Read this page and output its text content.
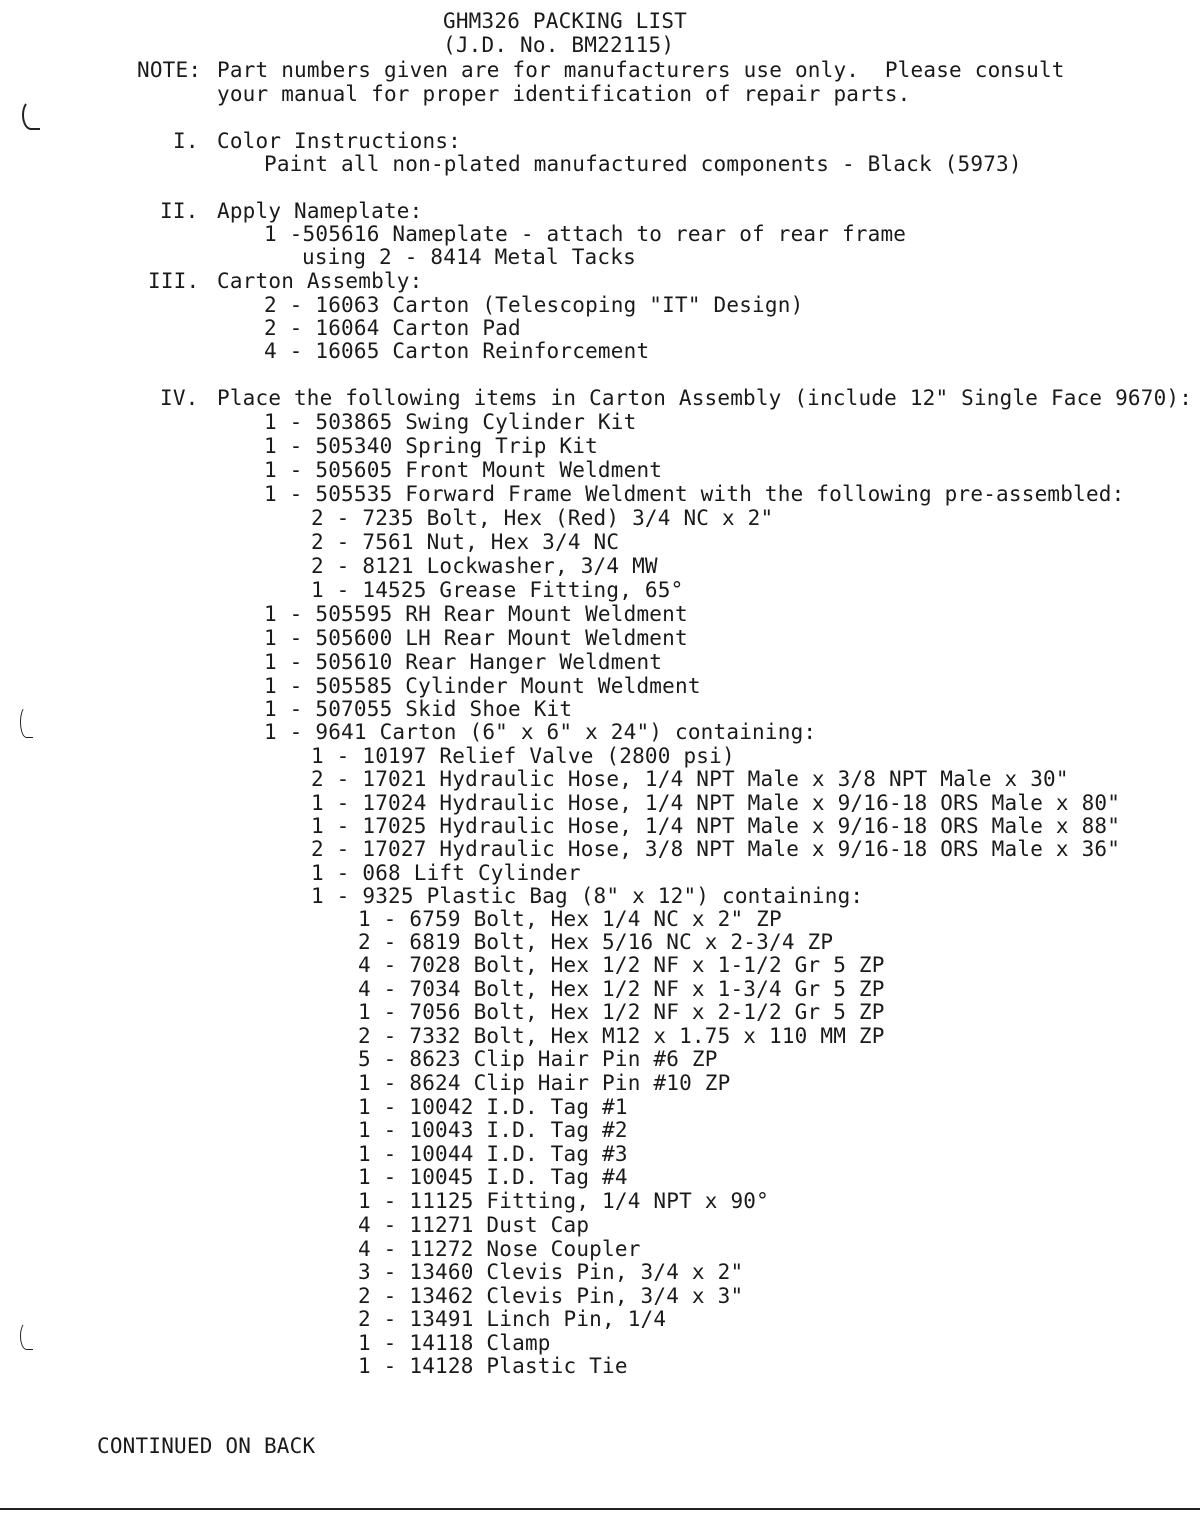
GHM326 PACKING LIST
(J.D. No. BM22115)
NOTE: Part numbers given are for manufacturers use only.  Please consult
your manual for proper identification of repair parts.
I. Color Instructions:
Paint all non-plated manufactured components - Black (5973)
II. Apply Nameplate:
1 -505616 Nameplate - attach to rear of rear frame
using 2 - 8414 Metal Tacks
III. Carton Assembly:
2 - 16063 Carton (Telescoping "IT" Design)
2 - 16064 Carton Pad
4 - 16065 Carton Reinforcement
IV. Place the following items in Carton Assembly (include 12" Single Face 9670):
1 - 503865 Swing Cylinder Kit
1 - 505340 Spring Trip Kit
1 - 505605 Front Mount Weldment
1 - 505535 Forward Frame Weldment with the following pre-assembled:
2 - 7235 Bolt, Hex (Red) 3/4 NC x 2"
2 - 7561 Nut, Hex 3/4 NC
2 - 8121 Lockwasher, 3/4 MW
1 - 14525 Grease Fitting, 65°
1 - 505595 RH Rear Mount Weldment
1 - 505600 LH Rear Mount Weldment
1 - 505610 Rear Hanger Weldment
1 - 505585 Cylinder Mount Weldment
1 - 507055 Skid Shoe Kit
1 - 9641 Carton (6" x 6" x 24") containing:
1 - 10197 Relief Valve (2800 psi)
2 - 17021 Hydraulic Hose, 1/4 NPT Male x 3/8 NPT Male x 30"
1 - 17024 Hydraulic Hose, 1/4 NPT Male x 9/16-18 ORS Male x 80"
1 - 17025 Hydraulic Hose, 1/4 NPT Male x 9/16-18 ORS Male x 88"
2 - 17027 Hydraulic Hose, 3/8 NPT Male x 9/16-18 ORS Male x 36"
1 - 068 Lift Cylinder
1 - 9325 Plastic Bag (8" x 12") containing:
1 - 6759 Bolt, Hex 1/4 NC x 2" ZP
2 - 6819 Bolt, Hex 5/16 NC x 2-3/4 ZP
4 - 7028 Bolt, Hex 1/2 NF x 1-1/2 Gr 5 ZP
4 - 7034 Bolt, Hex 1/2 NF x 1-3/4 Gr 5 ZP
1 - 7056 Bolt, Hex 1/2 NF x 2-1/2 Gr 5 ZP
2 - 7332 Bolt, Hex M12 x 1.75 x 110 MM ZP
5 - 8623 Clip Hair Pin #6 ZP
1 - 8624 Clip Hair Pin #10 ZP
1 - 10042 I.D. Tag #1
1 - 10043 I.D. Tag #2
1 - 10044 I.D. Tag #3
1 - 10045 I.D. Tag #4
1 - 11125 Fitting, 1/4 NPT x 90°
4 - 11271 Dust Cap
4 - 11272 Nose Coupler
3 - 13460 Clevis Pin, 3/4 x 2"
2 - 13462 Clevis Pin, 3/4 x 3"
2 - 13491 Linch Pin, 1/4
1 - 14118 Clamp
1 - 14128 Plastic Tie
CONTINUED ON BACK
